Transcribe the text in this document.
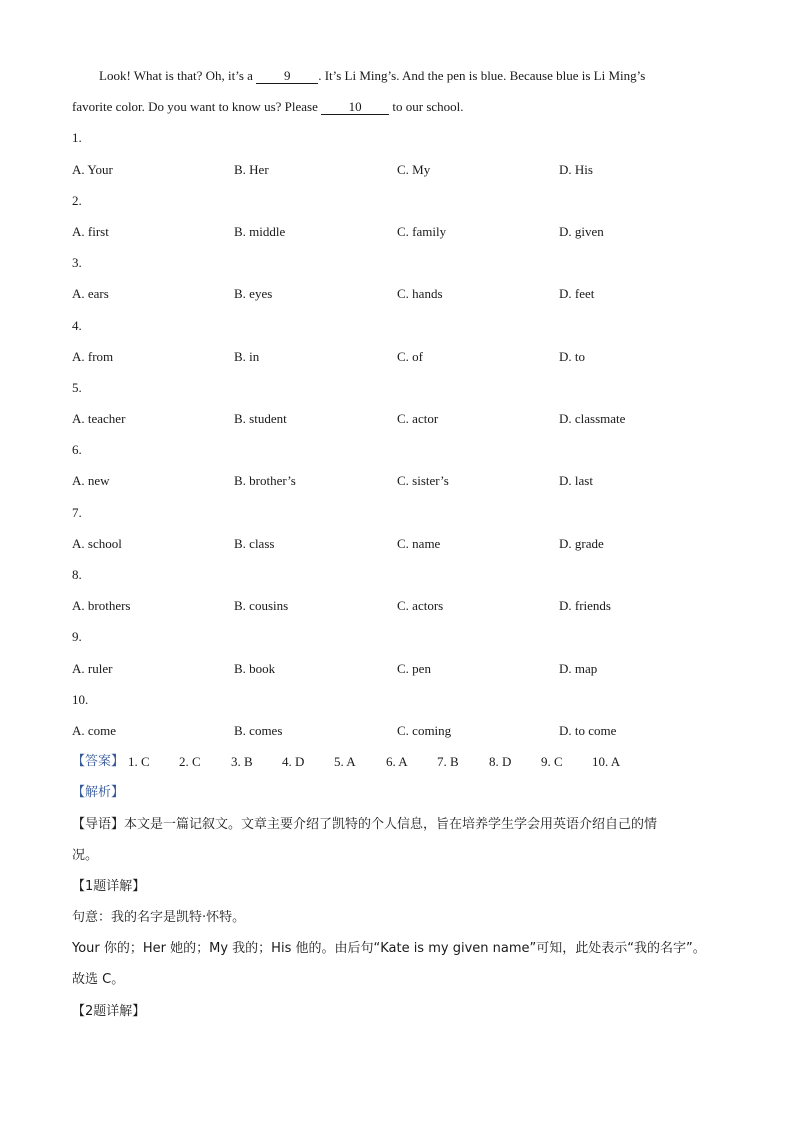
Look! What is that? Oh, it’s a 9 . It’s Li Ming’s. And the pen is blue. Because blue is Li Ming’s
favorite color. Do you want to know us? Please 10 to our school.
1.
A. Your	B. Her	C. My	D. His
2.
A. first	B. middle	C. family	D. given
3.
A. ears	B. eyes	C. hands	D. feet
4.
A. from	B. in	C. of	D. to
5.
A. teacher	B. student	C. actor	D. classmate
6.
A. new	B. brother’s	C. sister’s	D. last
7.
A. school	B. class	C. name	D. grade
8.
A. brothers	B. cousins	C. actors	D. friends
9.
A. ruler	B. book	C. pen	D. map
10.
A. come	B. comes	C. coming	D. to come
【答案】 1. C 2. C 3. B 4. D 5. A 6. A 7. B 8. D 9. C 10. A
【解析】
【导语】本文是一篇记叙文。文章主要介绍了凯特的个人信息，旨在培养学生学会用英语介绍自己的情
况。
【1题详解】
句意：我的名字是凯特·怀特。
Your 你的；Her 她的；My 我的；His 他的。由后句“Kate is my given name”可知，此处表示“我的名字”。
故选 C。
【2题详解】
